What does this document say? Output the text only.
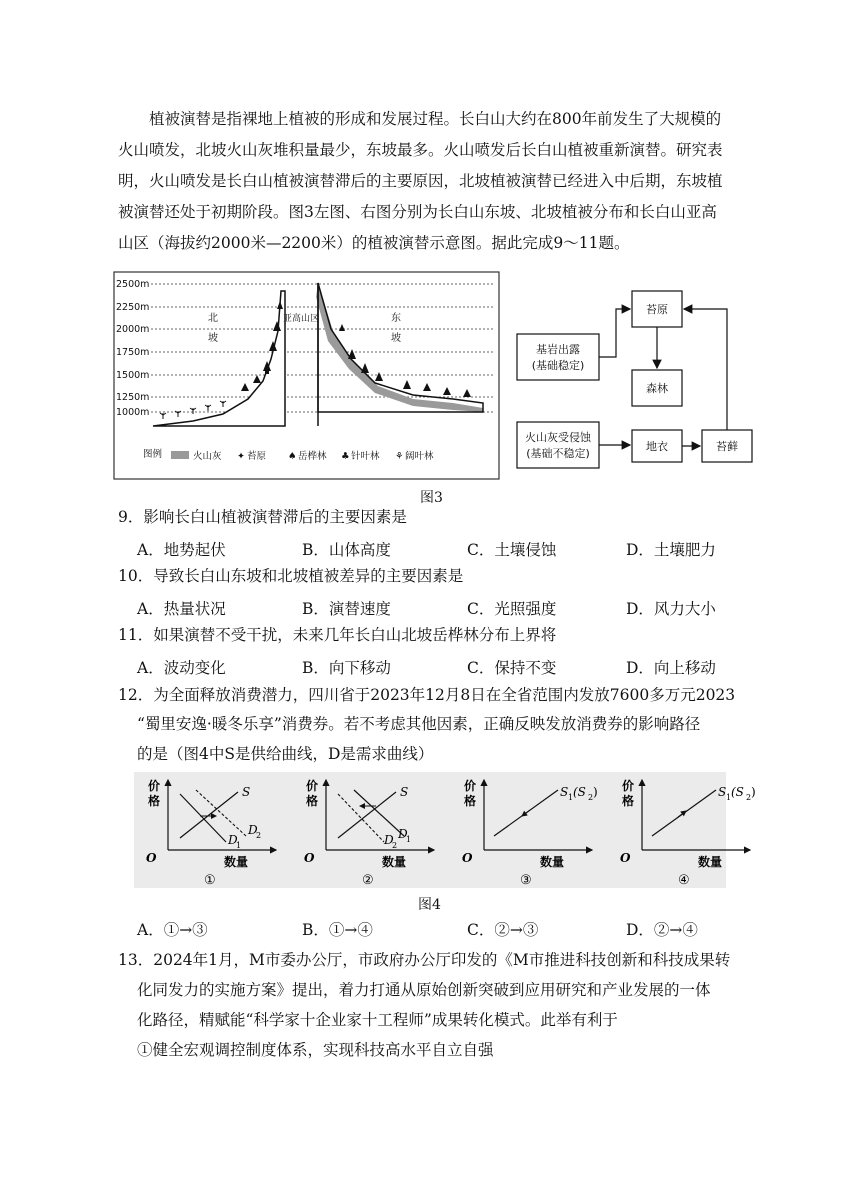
　　植被演替是指裸地上植被的形成和发展过程。长白山大约在800年前发生了大规模的
火山喷发，北坡火山灰堆积量最少，东坡最多。火山喷发后长白山植被重新演替。研究表
明，火山喷发是长白山植被演替滞后的主要原因，北坡植被演替已经进入中后期，东坡植
被演替还处于初期阶段。图3左图、右图分别为长白山东坡、北坡植被分布和长白山亚高
山区（海拔约2000米—2200米）的植被演替示意图。据此完成9～11题。
2500m
2250m
2000m
1750m
1500m
1250m
1000m
北
坡
东
坡
亚高山区
图例	火山灰 ✦ 苔原 ♠ 岳桦林 ♣ 针叶林 ⚘ 阔叶林
苔原
基岩出露
(基础稳定)
森林
火山灰受侵蚀
(基础不稳定)
地衣	苔藓
图3
9．影响长白山植被演替滞后的主要因素是
A．地势起伏	B．山体高度	C．土壤侵蚀	D．土壤肥力
10．导致长白山东坡和北坡植被差异的主要因素是
A．热量状况	B．演替速度	C．光照强度	D．风力大小
11．如果演替不受干扰，未来几年长白山北坡岳桦林分布上界将
A．波动变化	B．向下移动	C．保持不变	D．向上移动
12．为全面释放消费潜力，四川省于2023年12月8日在全省范围内发放7600多万元2023
“蜀里安逸·暖冬乐享”消费券。若不考虑其他因素，正确反映发放消费券的影响路径
的是（图4中S是供给曲线，D是需求曲线）
价
格
O	数量
①
S
D
1
D
2
价
格
O	数量
②
S
D
2
D
1
价
格
O	数量
③
S 1 (S 2 ) 价
格
O	数量
④
S 1 (S 2 )
图4
A．①→③	B．①→④	C．②→③	D．②→④
13．2024年1月，M市委办公厅，市政府办公厅印发的《M市推进科技创新和科技成果转
化同发力的实施方案》提出，着力打通从原始创新突破到应用研究和产业发展的一体
化路径，精赋能“科学家十企业家十工程师”成果转化模式。此举有利于
①健全宏观调控制度体系，实现科技高水平自立自强
